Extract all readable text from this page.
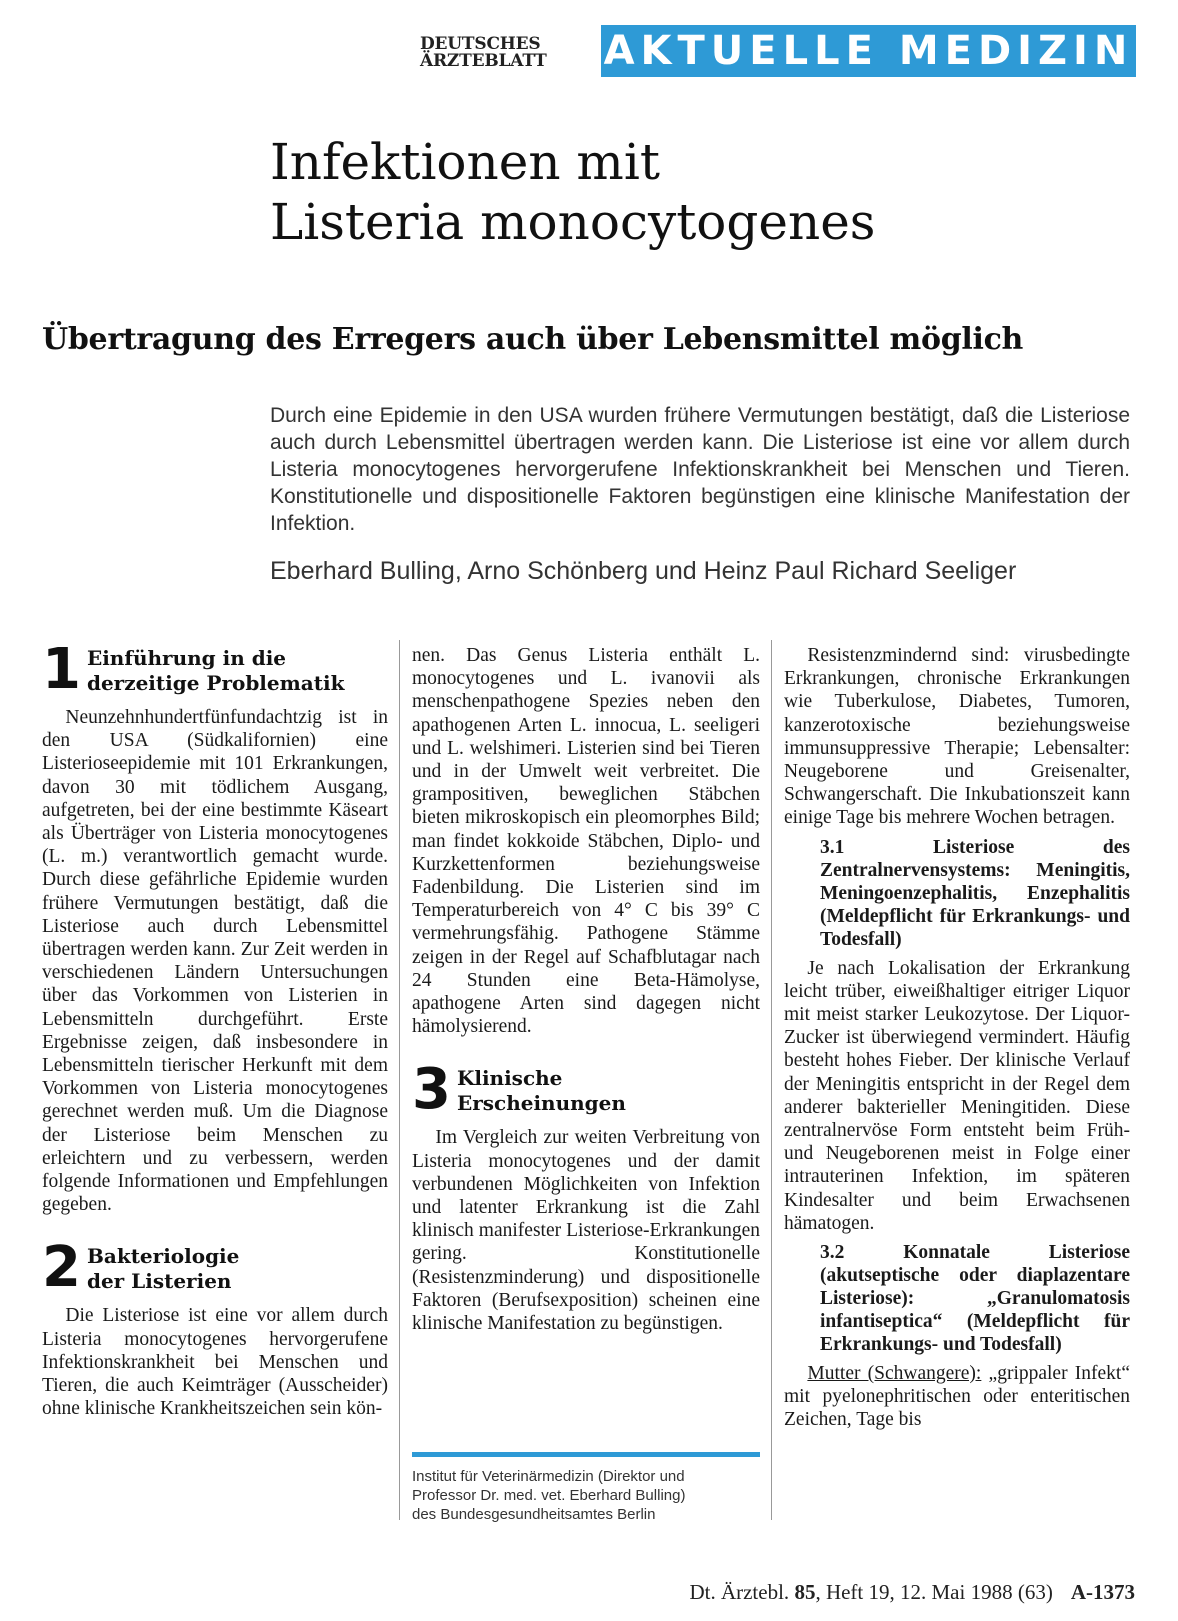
DEUTSCHES
ÄRZTEBLATT	AKTUELLE MEDIZIN
Infektionen mit
Listeria monocytogenes
Übertragung des Erregers auch über Lebensmittel möglich

Durch eine Epidemie in den USA wurden frühere Vermutungen bestätigt, daß die Listeriose auch durch Lebensmittel übertragen werden kann. Die Listeriose ist eine vor allem durch Listeria monocytogenes hervorgerufene Infektionskrankheit bei Menschen und Tieren. Konstitutionelle und dispositionelle Faktoren begünstigen eine klinische Manifestation der Infektion.

Eberhard Bulling, Arno Schönberg und Heinz Paul Richard Seeliger

1 Einführung in die
derzeitige Problematik

Neunzehnhundertfünfundachtzig ist in den USA (Südkalifornien) eine Listerioseepidemie mit 101 Erkrankungen, davon 30 mit tödlichem Ausgang, aufgetreten, bei der eine bestimmte Käseart als Überträger von Listeria monocytogenes (L. m.) verantwortlich gemacht wurde. Durch diese gefährliche Epidemie wurden frühere Vermutungen bestätigt, daß die Listeriose auch durch Lebensmittel übertragen werden kann. Zur Zeit werden in verschiedenen Ländern Untersuchungen über das Vorkommen von Listerien in Lebensmitteln durchgeführt. Erste Ergebnisse zeigen, daß insbesondere in Lebensmitteln tierischer Herkunft mit dem Vorkommen von Listeria monocytogenes gerechnet werden muß. Um die Diagnose der Listeriose beim Menschen zu erleichtern und zu verbessern, werden folgende Informationen und Empfehlungen gegeben.

2 Bakteriologie
der Listerien

Die Listeriose ist eine vor allem durch Listeria monocytogenes hervorgerufene Infektionskrankheit bei Menschen und Tieren, die auch Keimträger (Ausscheider) ohne klinische Krankheitszeichen sein kön-

nen. Das Genus Listeria enthält L. monocytogenes und L. ivanovii als menschenpathogene Spezies neben den apathogenen Arten L. innocua, L. seeligeri und L. welshimeri. Listerien sind bei Tieren und in der Umwelt weit verbreitet. Die grampositiven, beweglichen Stäbchen bieten mikroskopisch ein pleomorphes Bild; man findet kokkoide Stäbchen, Diplo- und Kurzkettenformen beziehungsweise Fadenbildung. Die Listerien sind im Temperaturbereich von 4° C bis 39° C vermehrungsfähig. Pathogene Stämme zeigen in der Regel auf Schafblutagar nach 24 Stunden eine Beta-Hämolyse, apathogene Arten sind dagegen nicht hämolysierend.

3 Klinische
Erscheinungen

Im Vergleich zur weiten Verbreitung von Listeria monocytogenes und der damit verbundenen Möglichkeiten von Infektion und latenter Erkrankung ist die Zahl klinisch manifester Listeriose-Erkrankungen gering. Konstitutionelle (Resistenzminderung) und dispositionelle Faktoren (Berufsexposition) scheinen eine klinische Manifestation zu begünstigen.

Institut für Veterinärmedizin (Direktor und
Professor Dr. med. vet. Eberhard Bulling)
des Bundesgesundheitsamtes Berlin

Resistenzmindernd sind: virusbedingte Erkrankungen, chronische Erkrankungen wie Tuberkulose, Diabetes, Tumoren, kanzerotoxische beziehungsweise immunsuppressive Therapie; Lebensalter: Neugeborene und Greisenalter, Schwangerschaft. Die Inkubationszeit kann einige Tage bis mehrere Wochen betragen.

3.1 Listeriose des Zentralnervensystems: Meningitis, Meningoenzephalitis, Enzephalitis (Meldepflicht für Erkrankungs- und Todesfall)

Je nach Lokalisation der Erkrankung leicht trüber, eiweißhaltiger eitriger Liquor mit meist starker Leukozytose. Der Liquor-Zucker ist überwiegend vermindert. Häufig besteht hohes Fieber. Der klinische Verlauf der Meningitis entspricht in der Regel dem anderer bakterieller Meningitiden. Diese zentralnervöse Form entsteht beim Früh- und Neugeborenen meist in Folge einer intrauterinen Infektion, im späteren Kindesalter und beim Erwachsenen hämatogen.

3.2 Konnatale Listeriose (akutseptische oder diaplazentare Listeriose): „Granulomatosis infantiseptica“ (Meldepflicht für Erkrankungs- und Todesfall)

Mutter (Schwangere): „grippaler Infekt“ mit pyelonephritischen oder enteritischen Zeichen, Tage bis

Dt. Ärztebl. 85, Heft 19, 12. Mai 1988 (63) A-1373
